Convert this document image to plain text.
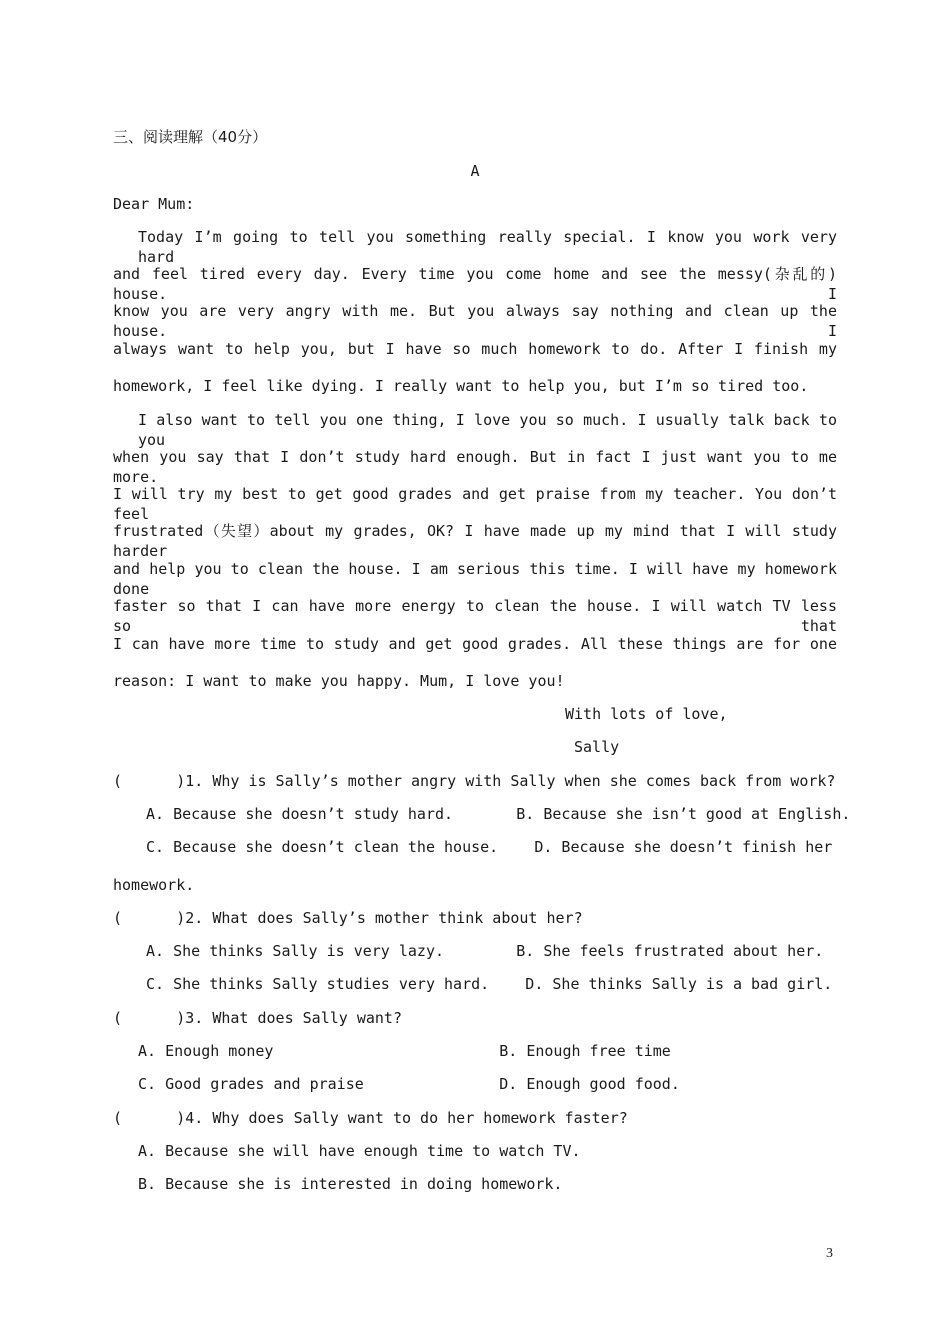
三、阅读理解（40分）
A
Dear Mum:
Today I’m going to tell you something really special. I know you work very hard
and feel tired every day. Every time you come home and see the messy(杂乱的) house. I
know you are very angry with me. But you always say nothing and clean up the house. I
always want to help you, but I have so much homework to do. After I finish my
homework, I feel like dying. I really want to help you, but I’m so tired too.
I also want to tell you one thing, I love you so much. I usually talk back to you
when you say that I don’t study hard enough. But in fact I just want you to me more.
I will try my best to get good grades and get praise from my teacher. You don’t feel
frustrated（失望）about my grades, OK? I have made up my mind that I will study harder
and help you to clean the house. I am serious this time. I will have my homework done
faster so that I can have more energy to clean the house. I will watch TV less so that
I can have more time to study and get good grades. All these things are for one
reason: I want to make you happy. Mum, I love you!
With lots of love,
Sally
(      )1. Why is Sally’s mother angry with Sally when she comes back from work?
A. Because she doesn’t study hard.       B. Because she isn’t good at English.
C. Because she doesn’t clean the house.    D. Because she doesn’t finish her
homework.
(      )2. What does Sally’s mother think about her?
A. She thinks Sally is very lazy.        B. She feels frustrated about her.
C. She thinks Sally studies very hard.    D. She thinks Sally is a bad girl.
(      )3. What does Sally want?
A. Enough money                         B. Enough free time
C. Good grades and praise               D. Enough good food.
(      )4. Why does Sally want to do her homework faster?
A. Because she will have enough time to watch TV.
B. Because she is interested in doing homework.
3
